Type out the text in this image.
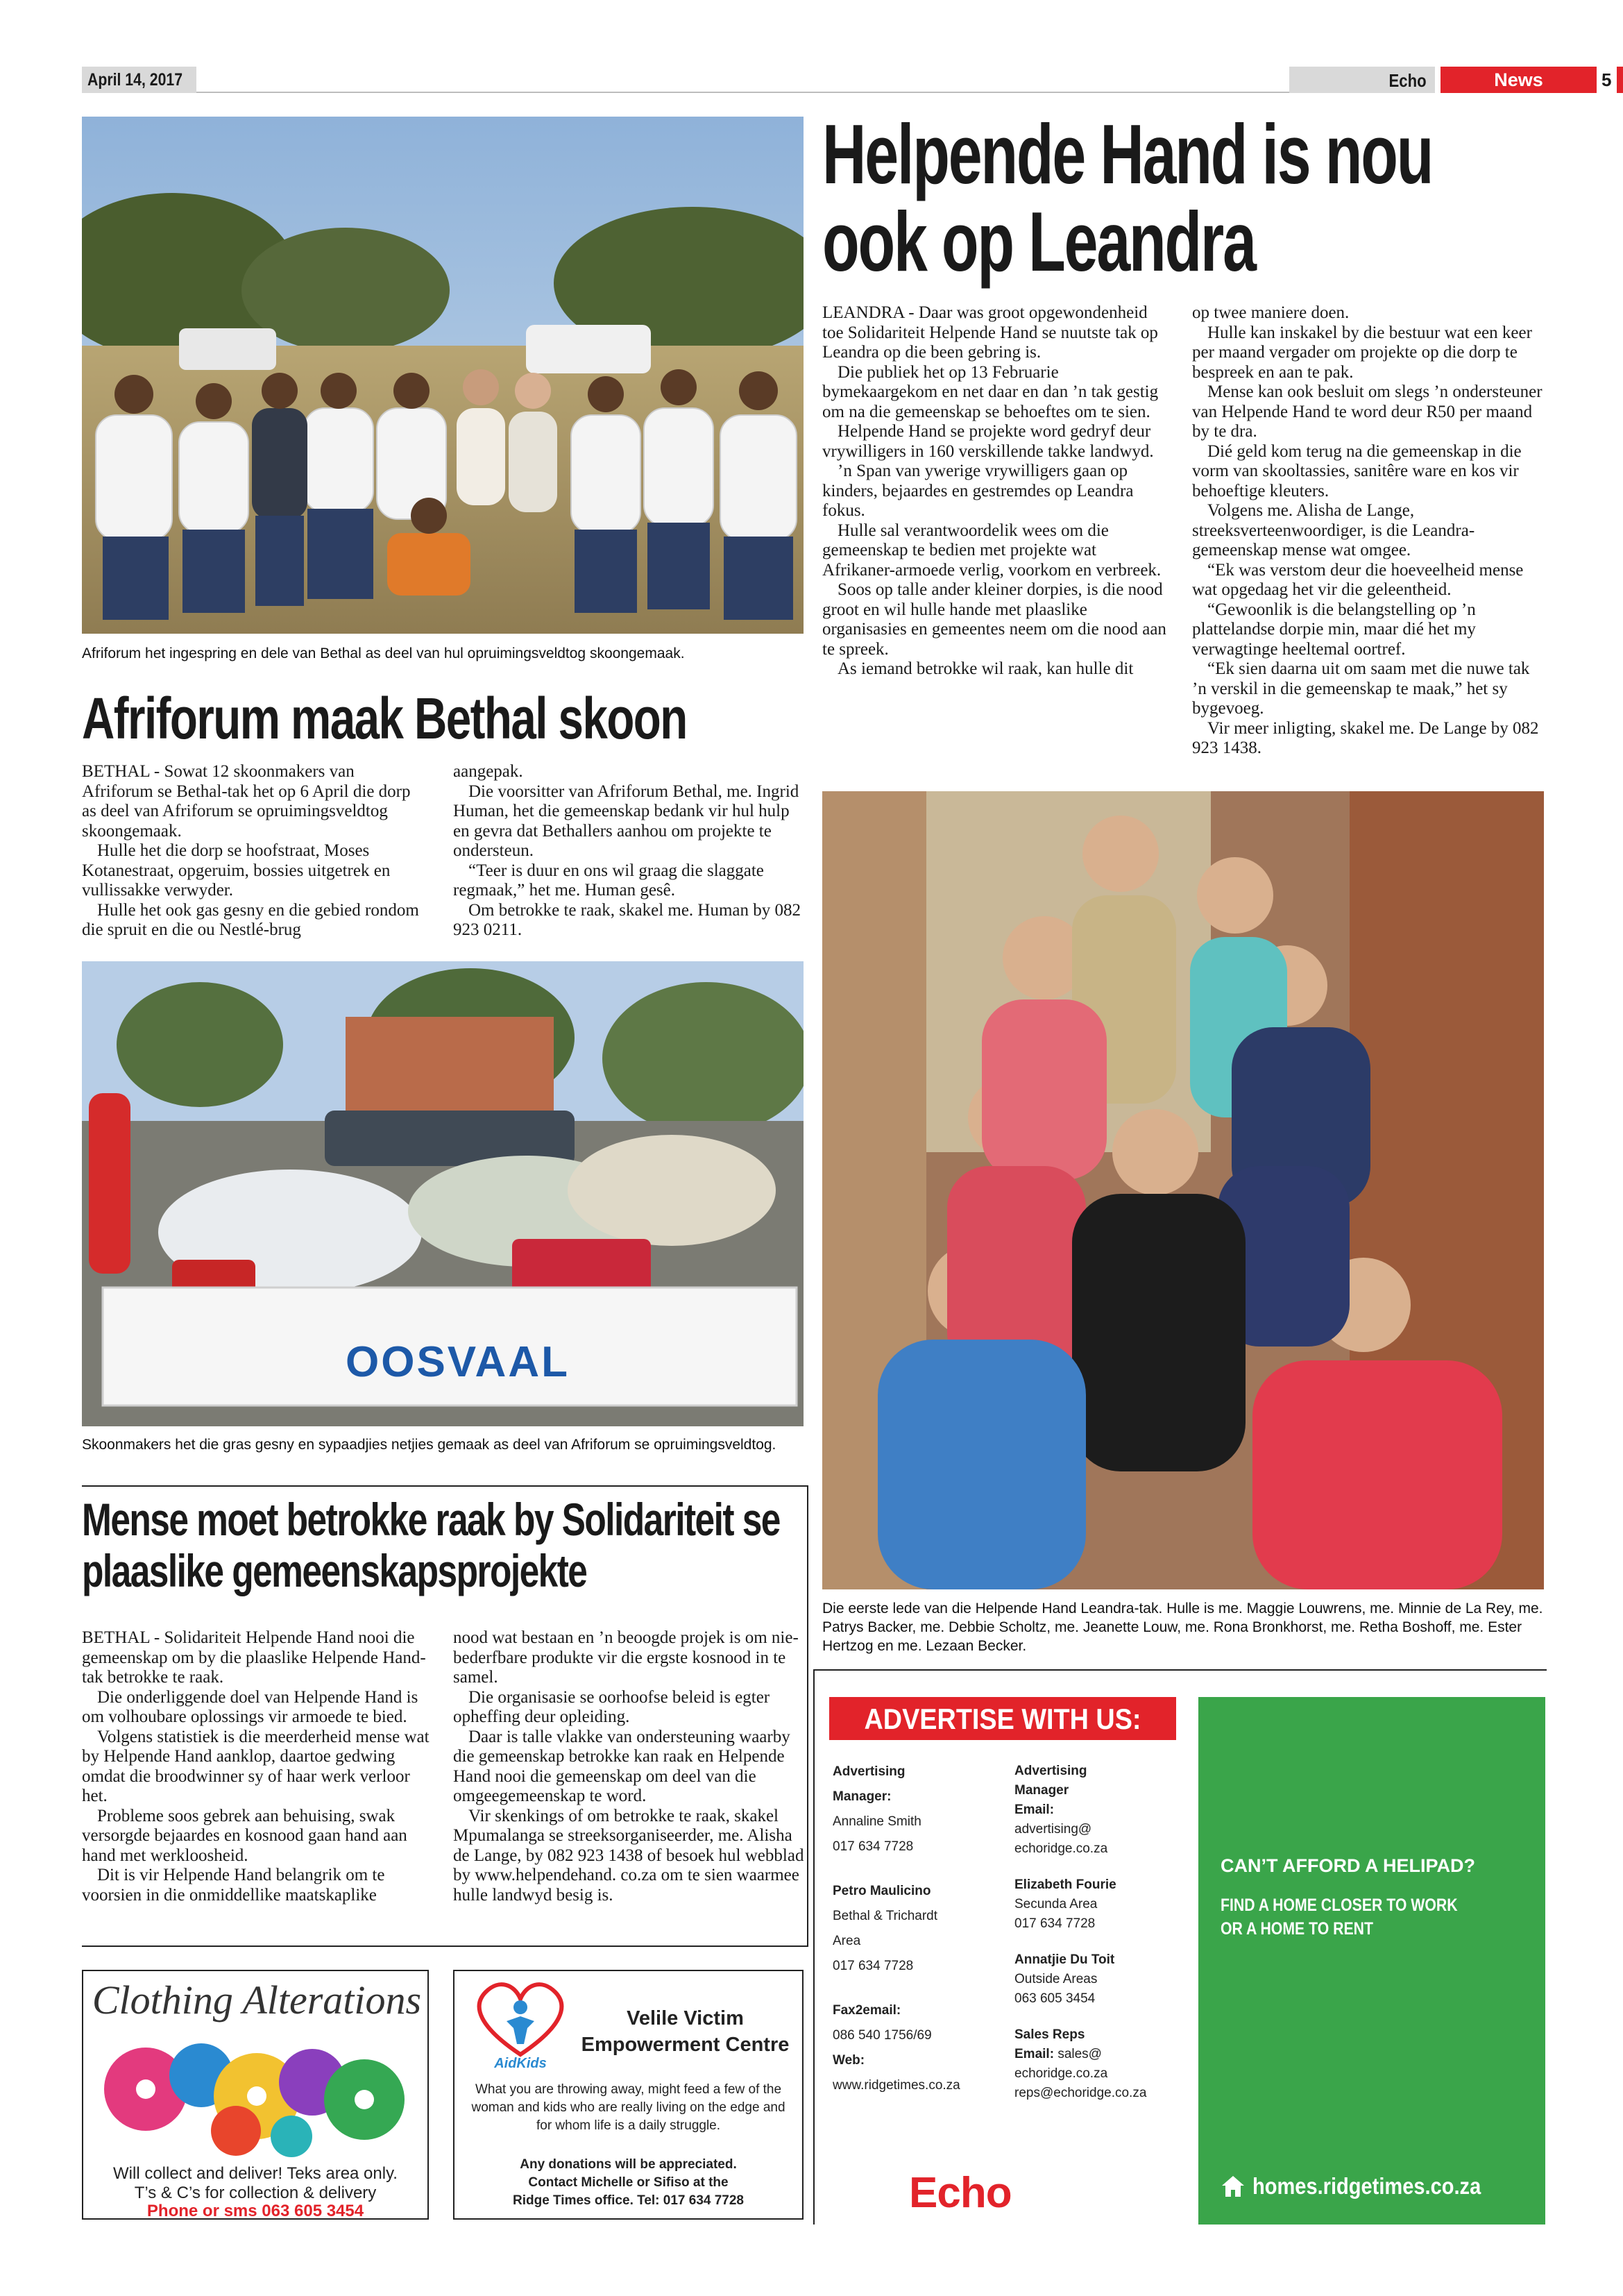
April 14, 2017	Echo	News	5
Afriforum het ingespring en dele van Bethal as deel van hul opruimingsveldtog skoongemaak.
Afriforum maak Bethal skoon

BETHAL - Sowat 12 skoonmakers van Afriforum se Bethal-tak het op 6 April die dorp as deel van Afriforum se opruimingsveldtog skoongemaak.

Hulle het die dorp se hoofstraat, Moses Kotanestraat, opgeruim, bossies uitgetrek en vullissakke verwyder.

Hulle het ook gas gesny en die gebied rondom die spruit en die ou Nestlé-brug

aangepak.

Die voorsitter van Afriforum Bethal, me. Ingrid Human, het die gemeenskap bedank vir hul hulp en gevra dat Bethallers aanhou om projekte te ondersteun.

“Teer is duur en ons wil graag die slaggate regmaak,” het me. Human gesê.

Om betrokke te raak, skakel me. Human by 082 923 0211.

OOSVAAL
Skoonmakers het die gras gesny en sypaadjies netjies gemaak as deel van Afriforum se opruimingsveldtog.
Mense moet betrokke raak by Solidariteit se
plaaslike gemeenskapsprojekte

BETHAL - Solidariteit Helpende Hand nooi die gemeenskap om by die plaaslike Helpende Hand-tak betrokke te raak.

Die onderliggende doel van Helpende Hand is om volhoubare oplossings vir armoede te bied.

Volgens statistiek is die meerderheid mense wat by Helpende Hand aanklop, daartoe gedwing omdat die broodwinner sy of haar werk verloor het.

Probleme soos gebrek aan behuising, swak versorgde bejaardes en kosnood gaan hand aan hand met werkloosheid.

Dit is vir Helpende Hand belangrik om te voorsien in die onmiddellike maatskaplike

nood wat bestaan en ’n beoogde projek is om nie-bederfbare produkte vir die ergste kosnood in te samel.

Die organisasie se oorhoofse beleid is egter opheffing deur opleiding.

Daar is talle vlakke van ondersteuning waarby die gemeenskap betrokke kan raak en Helpende Hand nooi die gemeenskap om deel van die omgeegemeenskap te word.

Vir skenkings of om betrokke te raak, skakel Mpumalanga se streeksorganiseerder, me. Alisha de Lange, by 082 923 1438 of besoek hul webblad by www.helpendehand. co.za om te sien waarmee hulle landwyd besig is.

Helpende Hand is nou
ook op Leandra

LEANDRA - Daar was groot opgewondenheid toe Solidariteit Helpende Hand se nuutste tak op Leandra op die been gebring is.

Die publiek het op 13 Februarie bymekaargekom en net daar en dan ’n tak gestig om na die gemeenskap se behoeftes om te sien.

Helpende Hand se projekte word gedryf deur vrywilligers in 160 verskillende takke landwyd.

’n Span van ywerige vrywilligers gaan op kinders, bejaardes en gestremdes op Leandra fokus.

Hulle sal verantwoordelik wees om die gemeenskap te bedien met projekte wat Afrikaner-armoede verlig, voorkom en verbreek.

Soos op talle ander kleiner dorpies, is die nood groot en wil hulle hande met plaaslike organisasies en gemeentes neem om die nood aan te spreek.

As iemand betrokke wil raak, kan hulle dit

op twee maniere doen.

Hulle kan inskakel by die bestuur wat een keer per maand vergader om projekte op die dorp te bespreek en aan te pak.

Mense kan ook besluit om slegs ’n ondersteuner van Helpende Hand te word deur R50 per maand by te dra.

Dié geld kom terug na die gemeenskap in die vorm van skooltassies, sanitêre ware en kos vir behoeftige kleuters.

Volgens me. Alisha de Lange, streeksverteenwoordiger, is die Leandra-gemeenskap mense wat omgee.

“Ek was verstom deur die hoeveelheid mense wat opgedaag het vir die geleentheid.

“Gewoonlik is die belangstelling op ’n plattelandse dorpie min, maar dié het my verwagtinge heeltemal oortref.

“Ek sien daarna uit om saam met die nuwe tak ’n verskil in die gemeenskap te maak,” het sy bygevoeg.

Vir meer inligting, skakel me. De Lange by 082 923 1438.

Die eerste lede van die Helpende Hand Leandra-tak. Hulle is me. Maggie Louwrens, me. Minnie de La Rey, me. Patrys Backer, me. Debbie Scholtz, me. Jeanette Louw, me. Rona Bronkhorst, me. Retha Boshoff, me. Ester Hertzog en me. Lezaan Becker.
Clothing Alterations
Will collect and deliver! Teks area only.
T’s & C’s for collection & delivery
Phone or sms 063 605 3454
AidKids
Velile Victim
Empowerment Centre
What you are throwing away, might feed a few of the woman and kids who are really living on the edge and for whom life is a daily struggle.
Any donations will be appreciated.
Contact Michelle or Sifiso at the
Ridge Times office. Tel: 017 634 7728
ADVERTISE WITH US:
Advertising
Manager:
Annaline Smith
017 634 7728
Petro Maulicino
Bethal & Trichardt
Area
017 634 7728
Fax2email:
086 540 1756/69
Web:
www.ridgetimes.co.za
Advertising
Manager
Email:
advertising@
echoridge.co.za
Elizabeth Fourie
Secunda Area
017 634 7728
Annatjie Du Toit
Outside Areas
063 605 3454
Sales Reps
Email: sales@
echoridge.co.za
reps@echoridge.co.za
Echo
CAN’T AFFORD A HELIPAD?
FIND A HOME CLOSER TO WORK
OR A HOME TO RENT
homes.ridgetimes.co.za
